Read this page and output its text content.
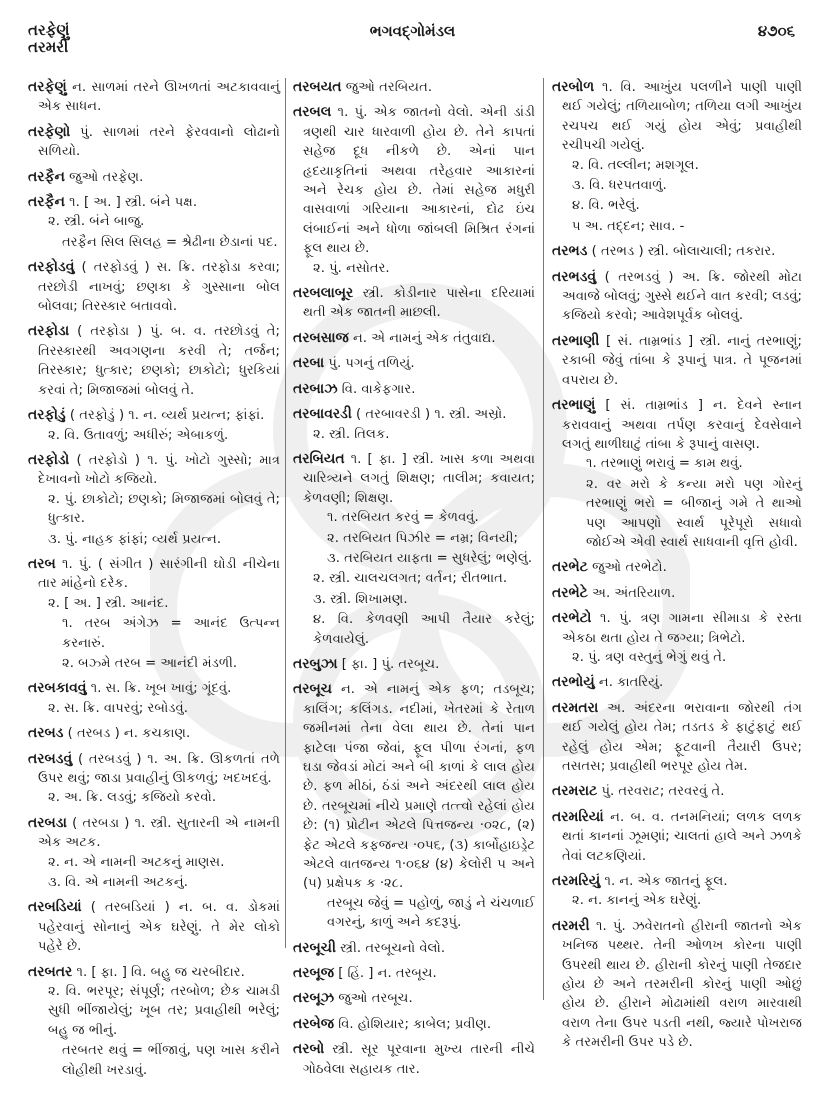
તરફેણું
તરમરી
ભગવદ્ગોમંડલ	૪૭૦૬
તરફેણું ન. સાળમાં તરને ઊખળતાં અટકાવવાનું એક સાધન.
તરફેણો પું. સાળમાં તરને ફેરવવાનો લોઢાનો સળિયો.
તરફૈન જુઓ તરફેણ.
તરફૈન ૧. [ અ. ] સ્ત્રી. બંને પક્ષ.
૨. સ્ત્રી. બંને બાજુ.
તરફૈન સિલ સિલહ = શ્રેઢીના છેડાનાં પદ.
તરફોડવું ( તરફોડવું ) સ. ક્રિ. તરફોડા કરવા; તરછોડી નાખવું; છણકા કે ગુસ્સાના બોલ બોલવા; તિરસ્કાર બતાવવો.
તરફોડા ( તરફોડા ) પું. બ. વ. તરછોડવું તે; તિરસ્કારથી અવગણના કરવી તે; તર્જન; તિરસ્કાર; ધુત્કાર; છણકો; છાકોટો; ધુરકિયાં કરવાં તે; મિજાજમાં બોલવું તે.
તરફોડું ( તરફોડું ) ૧. ન. વ્યર્થ પ્રયત્ન; ફાંફાં.
૨. વિ. ઉતાવળું; અધીરું; એબાકળું.
તરફોડો ( તરફોડો ) ૧. પું. ખોટો ગુસ્સો; માત્ર દેખાવનો ખોટો કજિયો.
૨. પું. છાકોટો; છણકો; મિજાજમાં બોલવું તે; ધુત્કાર.
૩. પું. નાહક ફાંફાં; વ્યર્થ પ્રયત્ન.
તરબ ૧. પું. ( સંગીત ) સારંગીની ઘોડી નીચેના તાર માંહેનો દરેક.
૨. [ અ. ] સ્ત્રી. આનંદ.
૧. તરબ અંગેઝ = આનંદ ઉત્પન્ન કરનારું.
૨. બઝ્મે તરબ = આનંદી મંડળી.
તરબકાવવું ૧. સ. ક્રિ. ખૂબ ખાવું; ગૂંદવું.
૨. સ. ક્રિ. વાપરવું; રબોડવું.
તરબડ ( તરબડ ) ન. કચકાણ.
તરબડવું ( તરબડવું ) ૧. અ. ક્રિ. ઊકળતાં તળે ઉપર થવું; જાડા પ્રવાહીનું ઊકળવું; ખદખદવું.
૨. અ. ક્રિ. લડવું; કજિયો કરવો.
તરબડા ( તરબડા ) ૧. સ્ત્રી. સુતારની એ નામની એક અટક.
૨. ન. એ નામની અટકનું માણસ.
૩. વિ. એ નામની અટકનું.
તરબડિયાં ( તરબડિયાં ) ન. બ. વ. ડોકમાં પહેરવાનું સોનાનું એક ઘરેણું. તે મેર લોકો પહેરે છે.
તરબતર ૧. [ ફા. ] વિ. બહુ જ ચરબીદાર.
૨. વિ. ભરપૂર; સંપૂર્ણ; તરબોળ; છેક ચામડી સુધી ભીંજાયેલું; ખૂબ તર; પ્રવાહીથી ભરેલું; બહુ જ ભીનું.
તરબતર થવું = ભીંજાવું, પણ ખાસ કરીને લોહીથી ખરડાવું.
તરબયત જુઓ તરબિયત.
તરબલ ૧. પું. એક જાતનો વેલો. એની ડાંડી ત્રણથી ચાર ધારવાળી હોય છે. તેને કાપતાં સહેજ દૂધ નીકળે છે. એનાં પાન હૃદયાકૃતિનાં અથવા તરેહવાર આકારનાં અને રેચક હોય છે. તેમાં સહેજ મધુરી વાસવાળાં ગરિયાના આકારનાં, દોઢ ઇંચ લંબાઈનાં અને ધોળા જાંબલી મિશ્રિત રંગનાં ફૂલ થાય છે.
૨. પું. નસોતર.
તરબલાબૂર સ્ત્રી. કોડીનાર પાસેના દરિયામાં થતી એક જાતની માછલી.
તરબસાજ ન. એ નામનું એક તંતુવાદ્ય.
તરબા પું. પગનું તળિયું.
તરબાઝ વિ. વાકેફગાર.
તરબાવરડી ( તરબાવરડી ) ૧. સ્ત્રી. અસ્રો.
૨. સ્ત્રી. તિલક.
તરબિયત ૧. [ ફા. ] સ્ત્રી. ખાસ કળા અથવા ચારિત્ર્યને લગતું શિક્ષણ; તાલીમ; કવાયત; કેળવણી; શિક્ષણ.
૧. તરબિયત કરવું = કેળવવું.
૨. તરબિયત પિઝીર = નમ્ર; વિનયી;
૩. તરબિયત યાફતા = સુધરેલું; ભણેલું.
૨. સ્ત્રી. ચાલચલગત; વર્તન; રીતભાત.
૩. સ્ત્રી. શિખામણ.
૪. વિ. કેળવણી આપી તૈયાર કરેલું; કેળવાયેલું.
તરબુઝા [ ફા. ] પું. તરબૂચ.
તરબૂચ ન. એ નામનું એક ફળ; તડબૂચ; કાલિંગ; કલિંગડ. નદીમાં, ખેતરમાં કે રેતાળ જમીનમાં તેના વેલા થાય છે. તેનાં પાન ફાટેલા પંજા જેવાં, ફૂલ પીળા રંગનાં, ફળ ઘડા જેવડાં મોટાં અને બી કાળાં કે લાલ હોય છે. ફળ મીઠાં, ઠંડાં અને અંદરથી લાલ હોય છે. તરબૂચમાં નીચે પ્રમાણે તત્ત્વો રહેલાં હોય છે: (૧) પ્રોટીન એટલે પિત્તજન્ય ·૦૨૮, (૨) ફેટ એટલે કફજન્ય ·૦૫૬, (૩) કાર્બોહાઇડ્રેટ એટલે વાતજન્ય ૧·૦૬૪ (૪) કેલોરી ૫ અને (૫) પ્રક્ષેપક ક ·૨૮.
તરબૂચ જેવું = પહોળું, જાડું ને ચંચળાઈ વગરનું, કાળું અને કદરૂપું.
તરબૂચી સ્ત્રી. તરબૂચનો વેલો.
તરબૂજ [ હિં. ] ન. તરબૂચ.
તરબૂઝ જુઓ તરબૂચ.
તરબેજ વિ. હોશિયાર; કાબેલ; પ્રવીણ.
તરબો સ્ત્રી. સૂર પૂરવાના મુખ્ય તારની નીચે ગોઠવેલા સહાયક તાર.
તરબોળ ૧. વિ. આખુંય પલળીને પાણી પાણી થઈ ગયેલું; તળિયાબોળ; તળિયા લગી આખુંય રચપચ થઈ ગયું હોય એવું; પ્રવાહીથી રચીપચી ગયેલું.
૨. વિ. તલ્લીન; મશગૂલ.
૩. વિ. ધરપતવાળું.
૪. વિ. ભરેલું.
૫ અ. તદ્દન; સાવ. -
તરભડ ( તરભડ ) સ્ત્રી. બોલાચાલી; તકરાર.
તરભડવું ( તરભડવું ) અ. ક્રિ. જોરથી મોટા અવાજે બોલવું; ગુસ્સે થઈને વાત કરવી; લડવું; કજિયો કરવો; આવેશપૂર્વક બોલવું.
તરભાણી [ સં. તામ્રભાંડ ] સ્ત્રી. નાનું તરભાણું; રકાબી જેવું તાંબા કે રૂપાનું પાત્ર. તે પૂજનમાં વપરાય છે.
તરભાણું [ સં. તામ્રભાંડ ] ન. દેવને સ્નાન કરાવવાનું અથવા તર્પણ કરવાનું દેવસેવાને લગતું થાળીઘાટું તાંબા કે રૂપાનું વાસણ.
૧. તરભાણું ભરાવું = કામ થવું.
૨. વર મરો કે કન્યા મરો પણ ગોરનું તરભાણું ભરો = બીજાનું ગમે તે થાઓ પણ આપણો સ્વાર્થ પૂરેપૂરો સધાવો જોઈએ એવી સ્વાર્થ સાધવાની વૃત્તિ હોવી.
તરભેટ જુઓ તરભેટો.
તરભેટે અ. અંતરિયાળ.
તરભેટો ૧. પું. ત્રણ ગામના સીમાડા કે રસ્તા એકઠા થતા હોય તે જગ્યા; ત્રિભેટો.
૨. પું. ત્રણ વસ્તુનું ભેગું થવું તે.
તરભોયું ન. કાતરિયું.
તરમતરા અ. અંદરના ભરાવાના જોરથી તંગ થઈ ગયેલું હોય તેમ; તડતડ કે ફાટુંફાટું થઈ રહેલું હોય એમ; ફૂટવાની તૈયારી ઉપર; તસતસ; પ્રવાહીથી ભરપૂર હોય તેમ.
તરમરાટ પું. તરવરાટ; તરવરવું તે.
તરમરિયાં ન. બ. વ. તનમનિયાં; લળક લળક થતાં કાનનાં ઝૂમણાં; ચાલતાં હાલે અને ઝળકે તેવાં લટકણિયાં.
તરમરિયું ૧. ન. એક જાતનું ફૂલ.
૨. ન. કાનનું એક ઘરેણું.
તરમરી ૧. પું. ઝવેરાતનો હીરાની જાતનો એક ખનિજ પથ્થર. તેની ઓળખ કોરના પાણી ઉપરથી થાય છે. હીરાની કોરનું પાણી તેજદાર હોય છે અને તરમરીની કોરનું પાણી ઓછું હોય છે. હીરાને મોઢામાંથી વરાળ મારવાથી વરાળ તેના ઉપર પડતી નથી, જ્યારે પોખરાજ કે તરમરીની ઉપર પડે છે.
